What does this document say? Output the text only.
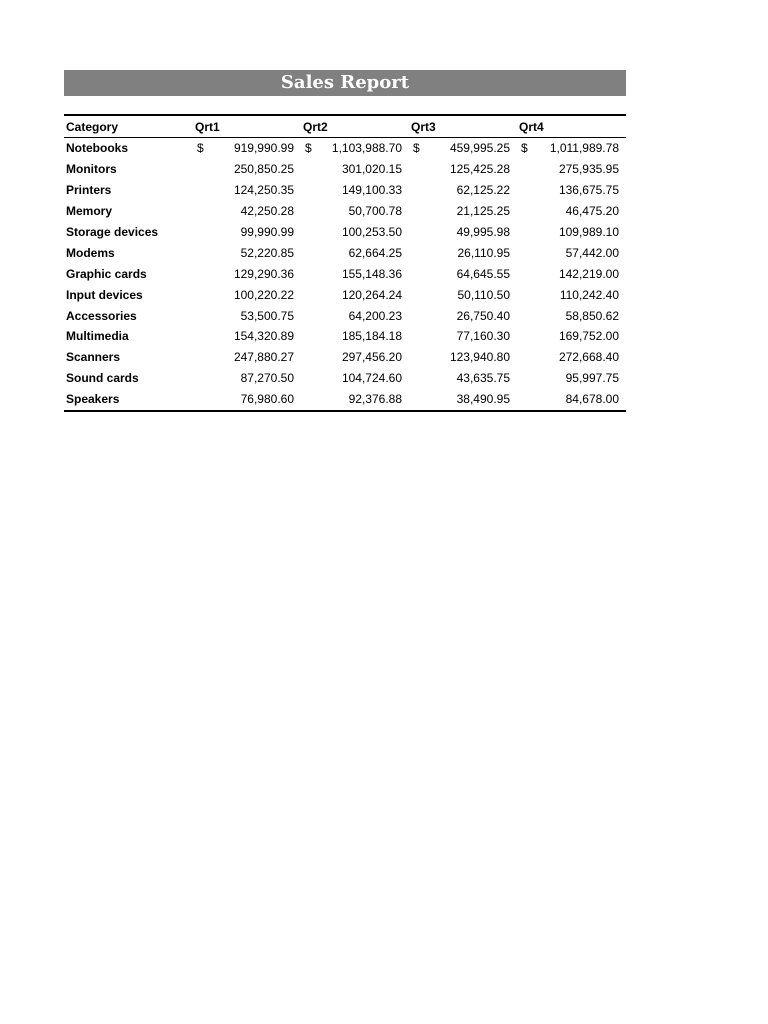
Sales Report
Category	Qrt1	Qrt2	Qrt3	Qrt4
Notebooks	$ 919,990.99	$ 1,103,988.70	$ 459,995.25	$ 1,011,989.78
Monitors	250,850.25	301,020.15	125,425.28	275,935.95
Printers	124,250.35	149,100.33	62,125.22	136,675.75
Memory	42,250.28	50,700.78	21,125.25	46,475.20
Storage devices	99,990.99	100,253.50	49,995.98	109,989.10
Modems	52,220.85	62,664.25	26,110.95	57,442.00
Graphic cards	129,290.36	155,148.36	64,645.55	142,219.00
Input devices	100,220.22	120,264.24	50,110.50	110,242.40
Accessories	53,500.75	64,200.23	26,750.40	58,850.62
Multimedia	154,320.89	185,184.18	77,160.30	169,752.00
Scanners	247,880.27	297,456.20	123,940.80	272,668.40
Sound cards	87,270.50	104,724.60	43,635.75	95,997.75
Speakers	76,980.60	92,376.88	38,490.95	84,678.00
